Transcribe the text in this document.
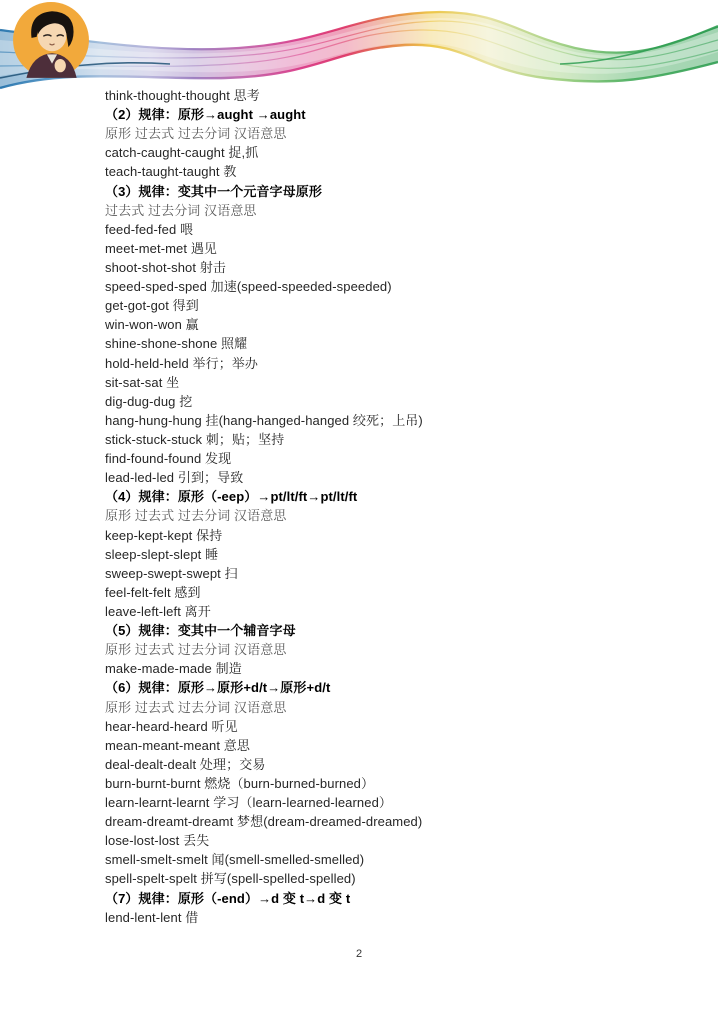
think-thought-thought 思考
（2）规律：原形→aught →aught
原形 过去式 过去分词 汉语意思
catch-caught-caught 捉,抓
teach-taught-taught 教
（3）规律：变其中一个元音字母原形
过去式 过去分词 汉语意思
feed-fed-fed 喂
meet-met-met 遇见
shoot-shot-shot 射击
speed-sped-sped 加速(speed-speeded-speeded)
get-got-got 得到
win-won-won 赢
shine-shone-shone 照耀
hold-held-held 举行；举办
sit-sat-sat 坐
dig-dug-dug 挖
hang-hung-hung 挂(hang-hanged-hanged 绞死；上吊)
stick-stuck-stuck 刺；贴；坚持
find-found-found 发现
lead-led-led 引到；导致
（4）规律：原形（-eep）→pt/lt/ft→pt/lt/ft
原形 过去式 过去分词 汉语意思
keep-kept-kept 保持
sleep-slept-slept 睡
sweep-swept-swept 扫
feel-felt-felt 感到
leave-left-left 离开
（5）规律：变其中一个辅音字母
原形 过去式 过去分词 汉语意思
make-made-made 制造
（6）规律：原形→原形+d/t→原形+d/t
原形 过去式 过去分词 汉语意思
hear-heard-heard 听见
mean-meant-meant 意思
deal-dealt-dealt 处理；交易
burn-burnt-burnt 燃烧（burn-burned-burned）
learn-learnt-learnt 学习（learn-learned-learned）
dream-dreamt-dreamt 梦想(dream-dreamed-dreamed)
lose-lost-lost 丢失
smell-smelt-smelt 闻(smell-smelled-smelled)
spell-spelt-spelt 拼写(spell-spelled-spelled)
（7）规律：原形（-end）→d 变 t→d 变 t
lend-lent-lent 借
2
